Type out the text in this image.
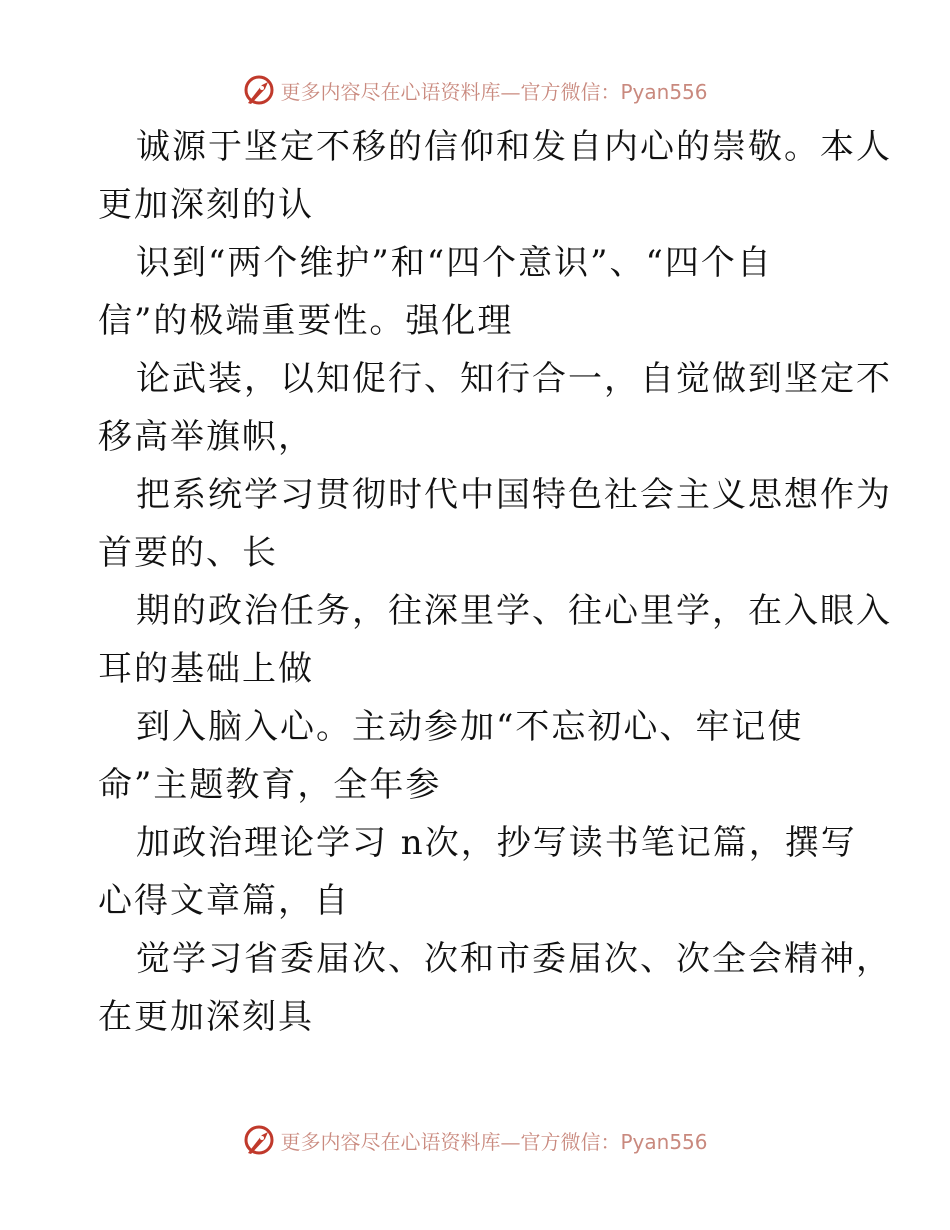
更多内容尽在心语资料库—官方微信：Pyan556
诚源于坚定不移的信仰和发自内心的崇敬。本人
更加深刻的认
识到“两个维护”和“四个意识”、“四个自
信”的极端重要性。强化理
论武装，以知促行、知行合一，自觉做到坚定不
移高举旗帜，
把系统学习贯彻时代中国特色社会主义思想作为
首要的、长
期的政治任务，往深里学、往心里学，在入眼入
耳的基础上做
到入脑入心。主动参加“不忘初心、牢记使
命”主题教育，全年参
加政治理论学习 n次，抄写读书笔记篇，撰写
心得文章篇，自
觉学习省委届次、次和市委届次、次全会精神，
在更加深刻具
更多内容尽在心语资料库—官方微信：Pyan556
